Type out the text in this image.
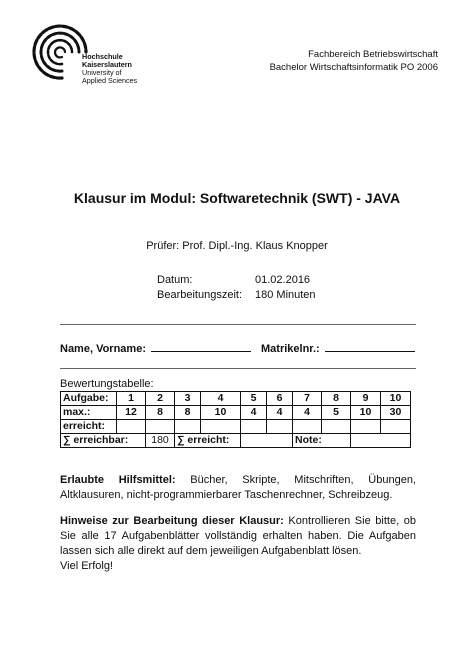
Hochschule
Kaiserslautern
University of
Applied Sciences
Fachbereich Betriebswirtschaft
Bachelor Wirtschaftsinformatik PO 2006
Klausur im Modul: Softwaretechnik (SWT) - JAVA
Prüfer: Prof. Dipl.-Ing. Klaus Knopper
Datum:	01.02.2016
Bearbeitungszeit:	180 Minuten
Name, Vorname:	Matrikelnr.:
Bewertungstabelle:
Aufgabe:	1	2	3	4	5	6	7	8	9	10
max.:	12	8	8	10	4	4	4	5	10	30
erreicht:										
∑ erreichbar:		180	∑ erreicht:				Note:			
Erlaubte Hilfsmittel: Bücher, Skripte, Mitschriften, Übungen, Altklausuren, nicht-programmierbarer Taschenrechner, Schreibzeug.
Hinweise zur Bearbeitung dieser Klausur: Kontrollieren Sie bitte, ob Sie alle 17 Aufgabenblätter vollständig erhalten haben. Die Aufgaben lassen sich alle direkt auf dem jeweiligen Aufgabenblatt lösen.
Viel Erfolg!
